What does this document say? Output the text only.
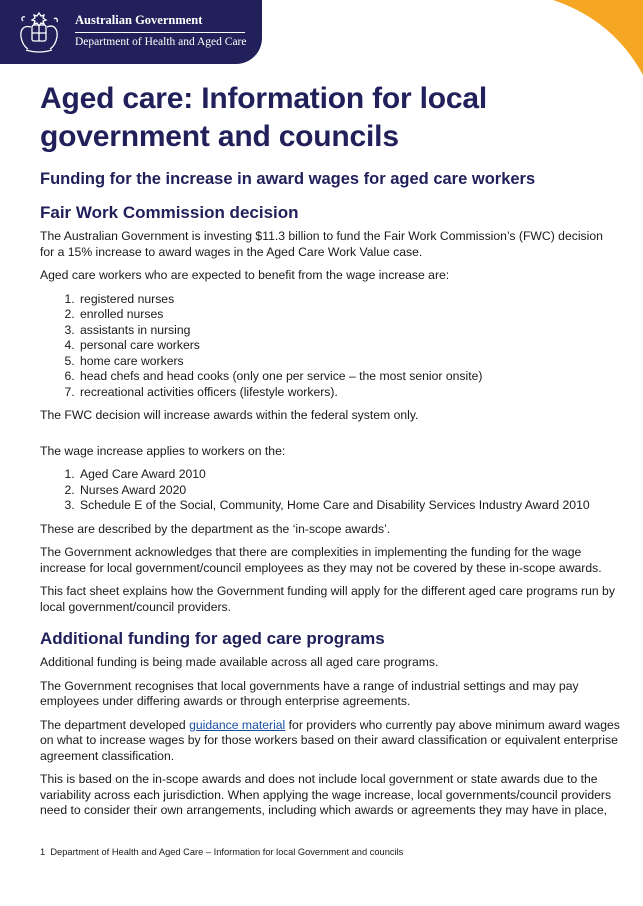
Australian Government
Department of Health and Aged Care
Aged care: Information for local government and councils
Funding for the increase in award wages for aged care workers
Fair Work Commission decision

The Australian Government is investing $11.3 billion to fund the Fair Work Commission’s (FWC) decision for a 15% increase to award wages in the Aged Care Work Value case.

Aged care workers who are expected to benefit from the wage increase are:

1. registered nurses
2. enrolled nurses
3. assistants in nursing
4. personal care workers
5. home care workers
6. head chefs and head cooks (only one per service – the most senior onsite)
7. recreational activities officers (lifestyle workers).

The FWC decision will increase awards within the federal system only.

The wage increase applies to workers on the:

1. Aged Care Award 2010
2. Nurses Award 2020
3. Schedule E of the Social, Community, Home Care and Disability Services Industry Award 2010

These are described by the department as the ‘in-scope awards’.

The Government acknowledges that there are complexities in implementing the funding for the wage increase for local government/council employees as they may not be covered by these in-scope awards.

This fact sheet explains how the Government funding will apply for the different aged care programs run by local government/council providers.

Additional funding for aged care programs

Additional funding is being made available across all aged care programs.

The Government recognises that local governments have a range of industrial settings and may pay employees under differing awards or through enterprise agreements.

The department developed guidance material for providers who currently pay above minimum award wages on what to increase wages by for those workers based on their award classification or equivalent enterprise agreement classification.

This is based on the in-scope awards and does not include local government or state awards due to the variability across each jurisdiction. When applying the wage increase, local governments/council providers need to consider their own arrangements, including which awards or agreements they may have in place,

1 Department of Health and Aged Care – Information for local Government and councils
